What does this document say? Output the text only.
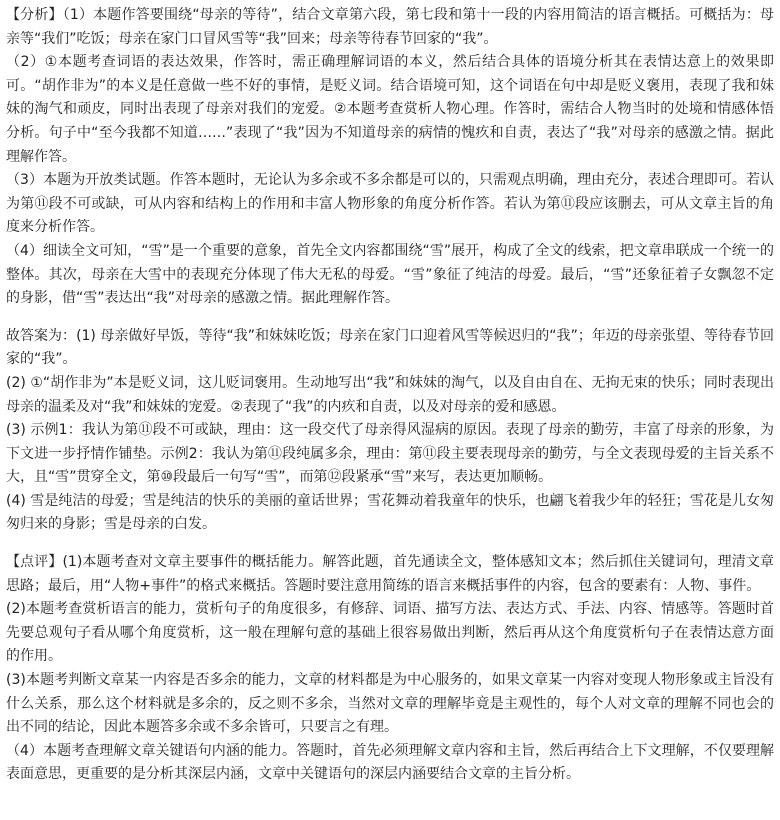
【分析】（1）本题作答要围绕“母亲的等待”，结合文章第六段，第七段和第十一段的内容用简洁的语言概括。可概括为：母亲等“我们”吃饭；母亲在家门口冒风雪等“我”回来；母亲等待春节回家的“我”。

（2）①本题考查词语的表达效果，作答时，需正确理解词语的本义，然后结合具体的语境分析其在表情达意上的效果即可。“胡作非为”的本义是任意做一些不好的事情，是贬义词。结合语境可知，这个词语在句中却是贬义褒用，表现了我和妹妹的淘气和顽皮，同时出表现了母亲对我们的宠爱。②本题考查赏析人物心理。作答时，需结合人物当时的处境和情感体悟分析。句子中“至今我都不知道……”表现了“我”因为不知道母亲的病情的愧疚和自责，表达了“我”对母亲的感激之情。据此理解作答。

（3）本题为开放类试题。作答本题时，无论认为多余或不多余都是可以的，只需观点明确，理由充分，表述合理即可。若认为第⑪段不可或缺，可从内容和结构上的作用和丰富人物形象的角度分析作答。若认为第⑪段应该删去，可从文章主旨的角度来分析作答。

（4）细读全文可知，“雪”是一个重要的意象，首先全文内容都围绕“雪”展开，构成了全文的线索，把文章串联成一个统一的整体。其次，母亲在大雪中的表现充分体现了伟大无私的母爱。“雪”象征了纯洁的母爱。最后，“雪”还象征着子女飘忽不定的身影，借“雪”表达出“我”对母亲的感激之情。据此理解作答。

故答案为：(1) 母亲做好早饭，等待“我”和妹妹吃饭；母亲在家门口迎着风雪等候迟归的“我”；年迈的母亲张望、等待春节回家的“我”。

(2) ①“胡作非为”本是贬义词，这儿贬词褒用。生动地写出“我”和妹妹的淘气，以及自由自在、无拘无束的快乐；同时表现出母亲的温柔及对“我”和妹妹的宠爱。②表现了“我”的内疚和自责，以及对母亲的爱和感恩。

(3) 示例1：我认为第⑪段不可或缺，理由：这一段交代了母亲得风湿病的原因。表现了母亲的勤劳，丰富了母亲的形象，为下文进一步抒情作铺垫。示例2：我认为第⑪段纯属多余，理由：第⑪段主要表现母亲的勤劳，与全文表现母爱的主旨关系不大，且“雪”贯穿全文，第⑩段最后一句写“雪”，而第⑫段紧承“雪”来写，表达更加顺畅。

(4) 雪是纯洁的母爱；雪是纯洁的快乐的美丽的童话世界；雪花舞动着我童年的快乐，也翩飞着我少年的轻狂；雪花是儿女匆匆归来的身影；雪是母亲的白发。

【点评】(1)本题考查对文章主要事件的概括能力。解答此题，首先通读全文，整体感知文本；然后抓住关键词句，理清文章思路；最后，用“人物+事件”的格式来概括。答题时要注意用简练的语言来概括事件的内容，包含的要素有：人物、事件。

(2)本题考查赏析语言的能力，赏析句子的角度很多，有修辞、词语、描写方法、表达方式、手法、内容、情感等。答题时首先要总观句子看从哪个角度赏析，这一般在理解句意的基础上很容易做出判断，然后再从这个角度赏析句子在表情达意方面的作用。

(3)本题考判断文章某一内容是否多余的能力，文章的材料都是为中心服务的，如果文章某一内容对变现人物形象或主旨没有什么关系，那么这个材料就是多余的，反之则不多余，当然对文章的理解毕竟是主观性的，每个人对文章的理解不同也会的出不同的结论，因此本题答多余或不多余皆可，只要言之有理。

（4）本题考查理解文章关键语句内涵的能力。答题时，首先必须理解文章内容和主旨，然后再结合上下文理解，不仅要理解表面意思，更重要的是分析其深层内涵，文章中关键语句的深层内涵要结合文章的主旨分析。
